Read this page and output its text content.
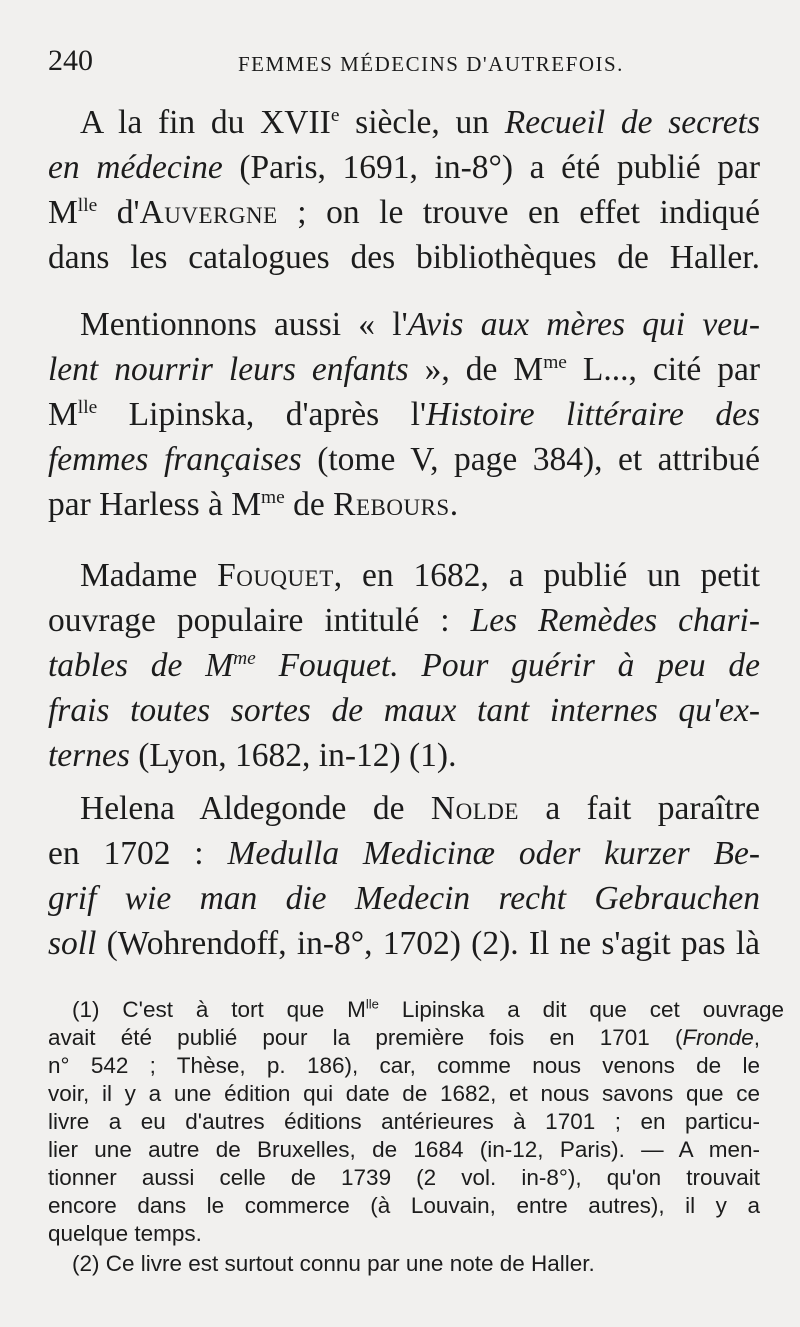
240	FEMMES MÉDECINS D'AUTREFOIS.

A la fin du XVIIe siècle, un Recueil de secrets

en médecine (Paris, 1691, in-8°) a été publié par

$M^{lle}$ d'Auvergne ; on le trouve en effet indiqué

dans les catalogues des bibliothèques de Haller.

Mentionnons aussi « l'Avis aux mères qui veu-

lent nourrir leurs enfants », de $M^{me}$ L..., cité par

$M^{lle}$ Lipinska, d'après l'Histoire littéraire des

femmes françaises (tome V, page 384), et attribué

par Harless à $M^{me}$ de Rebours.

Madame Fouquet, en 1682, a publié un petit

ouvrage populaire intitulé : Les Remèdes chari-

tables de $M^{me}$ Fouquet. Pour guérir à peu de

frais toutes sortes de maux tant internes qu'ex-

ternes (Lyon, 1682, in-12) (1).

Helena Aldegonde de Nolde a fait paraître

en 1702 : Medulla Medicinæ oder kurzer Be-

grif wie man die Medecin recht Gebrauchen

soll (Wohrendoff, in-8°, 1702) (2). Il ne s'agit pas là

(1) C'est à tort que $M^{lle}$ Lipinska a dit que cet ouvrage

avait été publié pour la première fois en 1701 (Fronde,

n° 542 ; Thèse, p. 186), car, comme nous venons de le

voir, il y a une édition qui date de 1682, et nous savons que ce

livre a eu d'autres éditions antérieures à 1701 ; en particu-

lier une autre de Bruxelles, de 1684 (in-12, Paris). — A men-

tionner aussi celle de 1739 (2 vol. in-8°), qu'on trouvait

encore dans le commerce (à Louvain, entre autres), il y a

quelque temps.

(2) Ce livre est surtout connu par une note de Haller.
